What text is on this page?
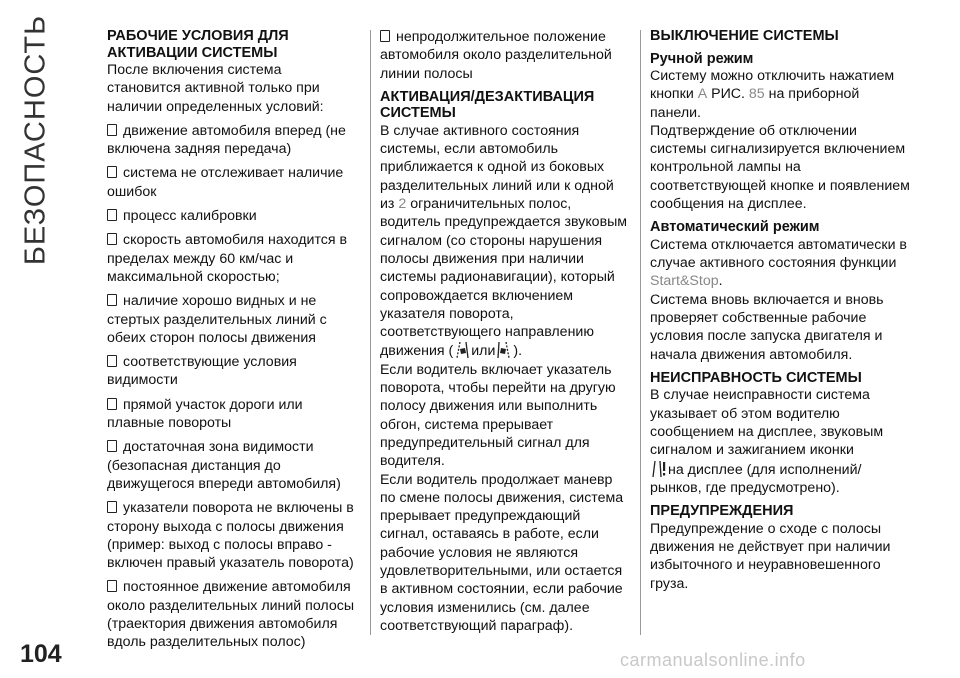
БЕЗОПАСНОСТЬ	РАБОЧИЕ УСЛОВИЯ ДЛЯ АКТИВАЦИИ СИСТЕМЫ

После включения система становится активной только при наличии определенных условий:

движение автомобиля вперед (не включена задняя передача)

система не отслеживает наличие ошибок

процесс калибровки

скорость автомобиля находится в пределах между 60 км/час и максимальной скоростью;

наличие хорошо видных и не стертых разделительных линий с обеих сторон полосы движения

соответствующие условия видимости

прямой участок дороги или плавные повороты

достаточная зона видимости (безопасная дистанция до движущегося впереди автомобиля)

указатели поворота не включены в сторону выхода с полосы движения (пример: выход с полосы вправо - включен правый указатель поворота)

постоянное движение автомобиля около разделительных линий полосы (траектория движения автомобиля вдоль разделительных полос)

непродолжительное положение автомобиля около разделительной линии полосы

АКТИВАЦИЯ/ДЕЗАКТИВАЦИЯ СИСТЕМЫ

В случае активного состояния системы, если автомобиль приближается к одной из боковых разделительных линий или к одной из 2 ограничительных полос, водитель предупреждается звуковым сигналом (со стороны нарушения полосы движения при наличии системы радионавигации), который сопровождается включением указателя поворота, соответствующего направлению движения ( или ).

Если водитель включает указатель поворота, чтобы перейти на другую полосу движения или выполнить обгон, система прерывает предупредительный сигнал для водителя.

Если водитель продолжает маневр по смене полосы движения, система прерывает предупреждающий сигнал, оставаясь в работе, если рабочие условия не являются удовлетворительными, или остается в активном состоянии, если рабочие условия изменились (см. далее соответствующий параграф).

ВЫКЛЮЧЕНИЕ СИСТЕМЫ
Ручной режим

Систему можно отключить нажатием кнопки А РИС. 85 на приборной панели.

Подтверждение об отключении системы сигнализируется включением контрольной лампы на соответствующей кнопке и появлением сообщения на дисплее.

Автоматический режим

Система отключается автоматически в случае активного состояния функции Start&Stop.

Система вновь включается и вновь проверяет собственные рабочие условия после запуска двигателя и начала движения автомобиля.

НЕИСПРАВНОСТЬ СИСТЕМЫ

В случае неисправности система указывает об этом водителю сообщением на дисплее, звуковым сигналом и зажиганием иконки
на дисплее (для исполнений/рынков, где предусмотрено).

ПРЕДУПРЕЖДЕНИЯ

Предупреждение о сходе с полосы движения не действует при наличии избыточного и неуравновешенного груза.

104	carmanualsonline.info
